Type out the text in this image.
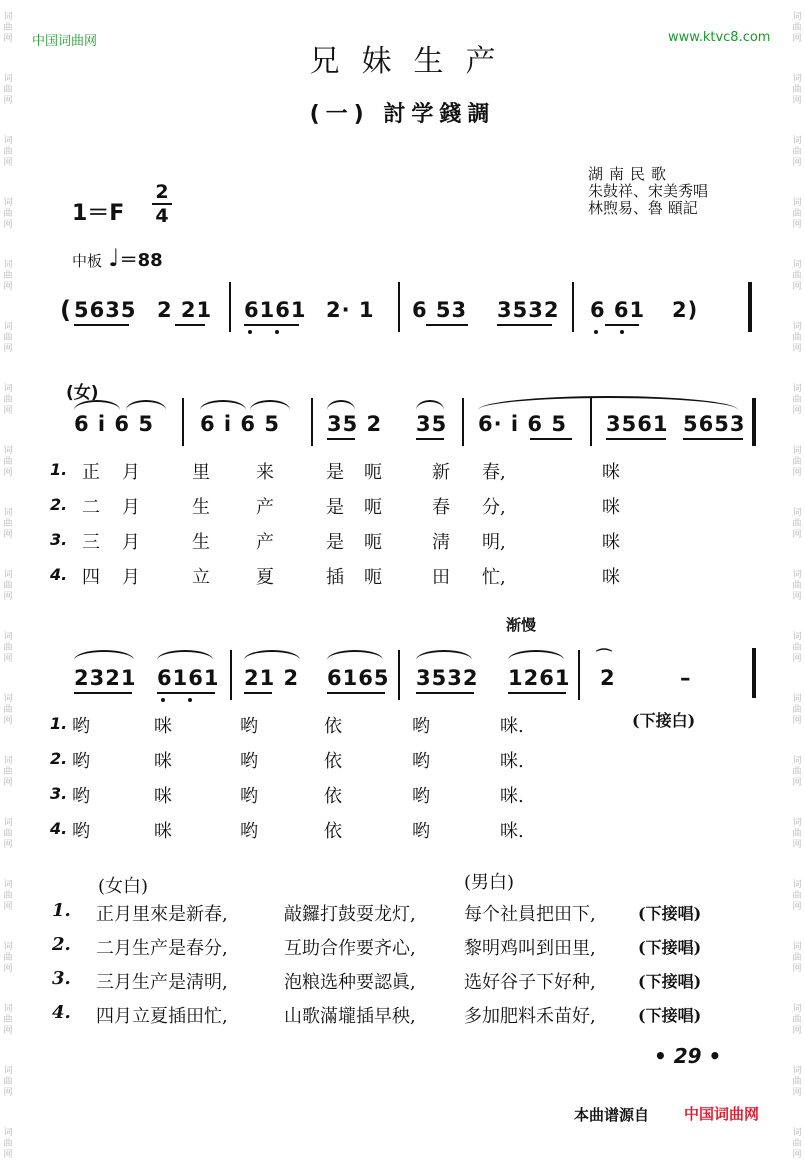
词
曲
网
词
曲
网
词
曲
网
词
曲
网
词
曲
网
词
曲
网
词
曲
网
词
曲
网
词
曲
网
词
曲
网
词
曲
网
词
曲
网
词
曲
网
词
曲
网
词
曲
网
词
曲
网
词
曲
网
词
曲
网
词
曲
网
词
曲
网
词
曲
网
词
曲
网
词
曲
网
词
曲
网
词
曲
网
词
曲
网
词
曲
网
词
曲
网
词
曲
网
词
曲
网
词
曲
网
词
曲
网
词
曲
网
词
曲
网
词
曲
网
词
曲
网
词
曲
网
词
曲
网
中国词曲网	www.ktvc8.com
兄妹生产
(一) 討学錢調
湖南民歌
朱鼓祥、宋美秀唱
林煦易、魯 頤記
1＝F
2
4
中板 ♩＝88
( 5635 2 21 6161 2· 1 6 53 3532 6 61 2)
(女)
6 i 6 5 6 i 6 5 35 2 35 6· i 6 5 3561 5653
1. 正 月	里	来	是 呃	新 春,	咪
2. 二 月	生	产	是 呃	春 分,	咪
3. 三 月	生	产	是 呃	淸 明,	咪
4. 四 月	立	夏	插 呃	田 忙,	咪
渐慢
2321 6161 21 2 6165 3532 1261 2	–
⌒
1. 哟	咪	哟	依	哟	咪.	(下接白)
2. 哟	咪	哟	依	哟	咪.
3. 哟	咪	哟	依	哟	咪.
4. 哟	咪	哟	依	哟	咪.
(女白)	(男白)
1. 正月里來是新春,	敲鑼打鼓耍龙灯,	每个社員把田下,	(下接唱)
2. 二月生产是春分,	互助合作要齐心,	黎明鸡叫到田里,	(下接唱)
3. 三月生产是淸明,	泡粮选种要認眞,	选好谷子下好种,	(下接唱)
4. 四月立夏插田忙,	山歌滿壠插早秧,	多加肥料禾苗好,	(下接唱)
• 29 •
本曲谱源自 中国词曲网
